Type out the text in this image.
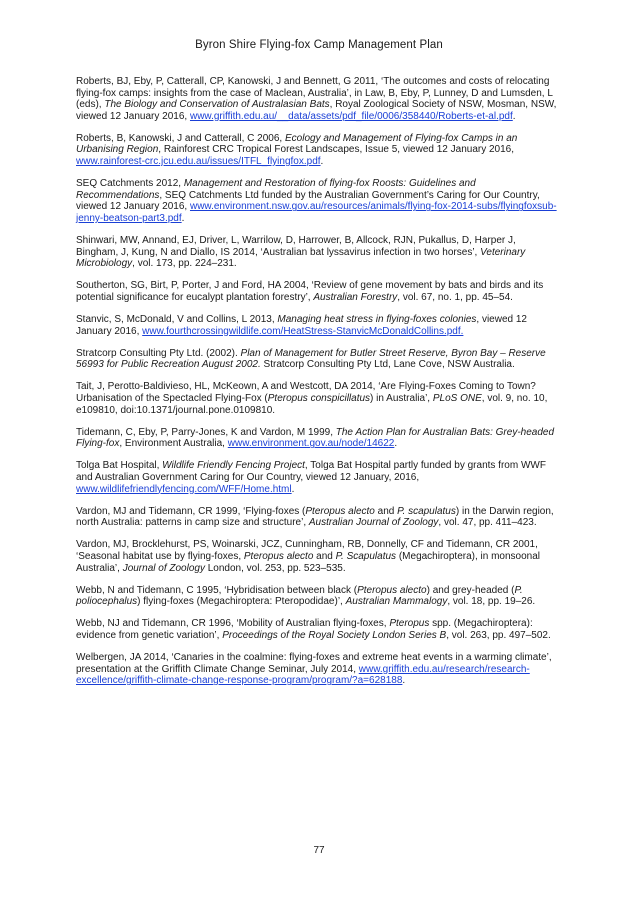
Byron Shire Flying-fox Camp Management Plan

Roberts, BJ, Eby, P, Catterall, CP, Kanowski, J and Bennett, G 2011, ‘The outcomes and costs of relocating flying-fox camps: insights from the case of Maclean, Australia’, in Law, B, Eby, P, Lunney, D and Lumsden, L (eds), The Biology and Conservation of Australasian Bats, Royal Zoological Society of NSW, Mosman, NSW, viewed 12 January 2016, www.griffith.edu.au/__data/assets/pdf_file/0006/358440/Roberts-et-al.pdf.

Roberts, B, Kanowski, J and Catterall, C 2006, Ecology and Management of Flying-fox Camps in an Urbanising Region, Rainforest CRC Tropical Forest Landscapes, Issue 5, viewed 12 January 2016, www.rainforest-crc.jcu.edu.au/issues/ITFL_flyingfox.pdf.

SEQ Catchments 2012, Management and Restoration of flying-fox Roosts: Guidelines and Recommendations, SEQ Catchments Ltd funded by the Australian Government’s Caring for Our Country, viewed 12 January 2016, www.environment.nsw.gov.au/resources/animals/flying-fox-2014-subs/flyingfoxsub-jenny-beatson-part3.pdf.

Shinwari, MW, Annand, EJ, Driver, L, Warrilow, D, Harrower, B, Allcock, RJN, Pukallus, D, Harper J, Bingham, J, Kung, N and Diallo, IS 2014, ‘Australian bat lyssavirus infection in two horses’, Veterinary Microbiology, vol. 173, pp. 224–231.

Southerton, SG, Birt, P, Porter, J and Ford, HA 2004, ‘Review of gene movement by bats and birds and its potential significance for eucalypt plantation forestry’, Australian Forestry, vol. 67, no. 1, pp. 45–54.

Stanvic, S, McDonald, V and Collins, L 2013, Managing heat stress in flying-foxes colonies, viewed 12 January 2016, www.fourthcrossingwildlife.com/HeatStress-StanvicMcDonaldCollins.pdf.

Stratcorp Consulting Pty Ltd. (2002). Plan of Management for Butler Street Reserve, Byron Bay – Reserve 56993 for Public Recreation August 2002. Stratcorp Consulting Pty Ltd, Lane Cove, NSW Australia.

Tait, J, Perotto-Baldivieso, HL, McKeown, A and Westcott, DA 2014, ‘Are Flying-Foxes Coming to Town? Urbanisation of the Spectacled Flying-Fox (Pteropus conspicillatus) in Australia’, PLoS ONE, vol. 9, no. 10, e109810, doi:10.1371/journal.pone.0109810.

Tidemann, C, Eby, P, Parry-Jones, K and Vardon, M 1999, The Action Plan for Australian Bats: Grey-headed Flying-fox, Environment Australia, www.environment.gov.au/node/14622.

Tolga Bat Hospital, Wildlife Friendly Fencing Project, Tolga Bat Hospital partly funded by grants from WWF and Australian Government Caring for Our Country, viewed 12 January, 2016, www.wildlifefriendlyfencing.com/WFF/Home.html.

Vardon, MJ and Tidemann, CR 1999, ‘Flying-foxes (Pteropus alecto and P. scapulatus) in the Darwin region, north Australia: patterns in camp size and structure’, Australian Journal of Zoology, vol. 47, pp. 411–423.

Vardon, MJ, Brocklehurst, PS, Woinarski, JCZ, Cunningham, RB, Donnelly, CF and Tidemann, CR 2001, ‘Seasonal habitat use by flying-foxes, Pteropus alecto and P. Scapulatus (Megachiroptera), in monsoonal Australia’, Journal of Zoology London, vol. 253, pp. 523–535.

Webb, N and Tidemann, C 1995, ‘Hybridisation between black (Pteropus alecto) and grey-headed (P. poliocephalus) flying-foxes (Megachiroptera: Pteropodidae)’, Australian Mammalogy, vol. 18, pp. 19–26.

Webb, NJ and Tidemann, CR 1996, ‘Mobility of Australian flying-foxes, Pteropus spp. (Megachiroptera): evidence from genetic variation’, Proceedings of the Royal Society London Series B, vol. 263, pp. 497–502.

Welbergen, JA 2014, ‘Canaries in the coalmine: flying-foxes and extreme heat events in a warming climate’, presentation at the Griffith Climate Change Seminar, July 2014, www.griffith.edu.au/research/research-excellence/griffith-climate-change-response-program/program/?a=628188.

77
